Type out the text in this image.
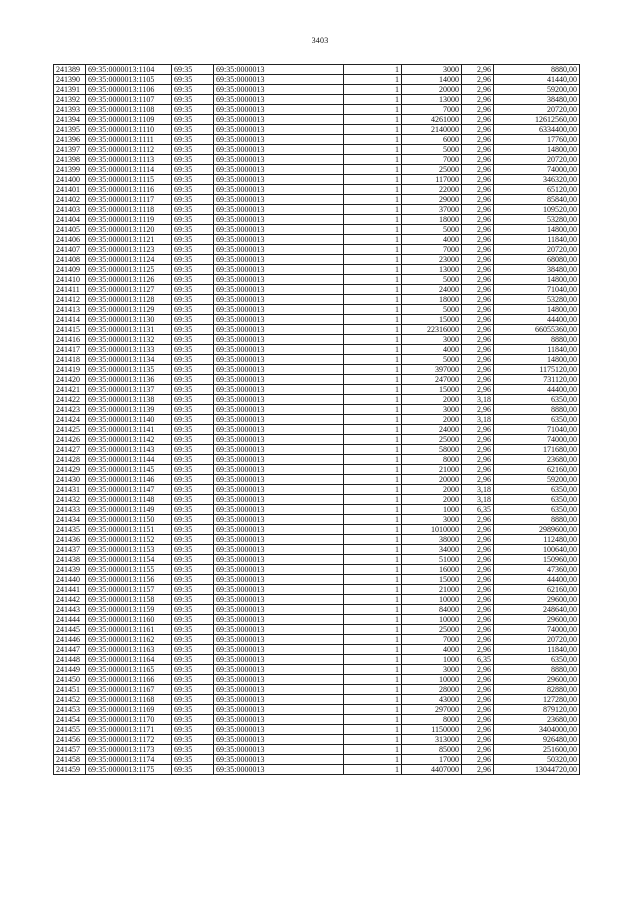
3403
241389	69:35:0000013:1104	69:35	69:35:0000013	1	3000	2,96	8880,00
241390	69:35:0000013:1105	69:35	69:35:0000013	1	14000	2,96	41440,00
241391	69:35:0000013:1106	69:35	69:35:0000013	1	20000	2,96	59200,00
241392	69:35:0000013:1107	69:35	69:35:0000013	1	13000	2,96	38480,00
241393	69:35:0000013:1108	69:35	69:35:0000013	1	7000	2,96	20720,00
241394	69:35:0000013:1109	69:35	69:35:0000013	1	4261000	2,96	12612560,00
241395	69:35:0000013:1110	69:35	69:35:0000013	1	2140000	2,96	6334400,00
241396	69:35:0000013:1111	69:35	69:35:0000013	1	6000	2,96	17760,00
241397	69:35:0000013:1112	69:35	69:35:0000013	1	5000	2,96	14800,00
241398	69:35:0000013:1113	69:35	69:35:0000013	1	7000	2,96	20720,00
241399	69:35:0000013:1114	69:35	69:35:0000013	1	25000	2,96	74000,00
241400	69:35:0000013:1115	69:35	69:35:0000013	1	117000	2,96	346320,00
241401	69:35:0000013:1116	69:35	69:35:0000013	1	22000	2,96	65120,00
241402	69:35:0000013:1117	69:35	69:35:0000013	1	29000	2,96	85840,00
241403	69:35:0000013:1118	69:35	69:35:0000013	1	37000	2,96	109520,00
241404	69:35:0000013:1119	69:35	69:35:0000013	1	18000	2,96	53280,00
241405	69:35:0000013:1120	69:35	69:35:0000013	1	5000	2,96	14800,00
241406	69:35:0000013:1121	69:35	69:35:0000013	1	4000	2,96	11840,00
241407	69:35:0000013:1123	69:35	69:35:0000013	1	7000	2,96	20720,00
241408	69:35:0000013:1124	69:35	69:35:0000013	1	23000	2,96	68080,00
241409	69:35:0000013:1125	69:35	69:35:0000013	1	13000	2,96	38480,00
241410	69:35:0000013:1126	69:35	69:35:0000013	1	5000	2,96	14800,00
241411	69:35:0000013:1127	69:35	69:35:0000013	1	24000	2,96	71040,00
241412	69:35:0000013:1128	69:35	69:35:0000013	1	18000	2,96	53280,00
241413	69:35:0000013:1129	69:35	69:35:0000013	1	5000	2,96	14800,00
241414	69:35:0000013:1130	69:35	69:35:0000013	1	15000	2,96	44400,00
241415	69:35:0000013:1131	69:35	69:35:0000013	1	22316000	2,96	66055360,00
241416	69:35:0000013:1132	69:35	69:35:0000013	1	3000	2,96	8880,00
241417	69:35:0000013:1133	69:35	69:35:0000013	1	4000	2,96	11840,00
241418	69:35:0000013:1134	69:35	69:35:0000013	1	5000	2,96	14800,00
241419	69:35:0000013:1135	69:35	69:35:0000013	1	397000	2,96	1175120,00
241420	69:35:0000013:1136	69:35	69:35:0000013	1	247000	2,96	731120,00
241421	69:35:0000013:1137	69:35	69:35:0000013	1	15000	2,96	44400,00
241422	69:35:0000013:1138	69:35	69:35:0000013	1	2000	3,18	6350,00
241423	69:35:0000013:1139	69:35	69:35:0000013	1	3000	2,96	8880,00
241424	69:35:0000013:1140	69:35	69:35:0000013	1	2000	3,18	6350,00
241425	69:35:0000013:1141	69:35	69:35:0000013	1	24000	2,96	71040,00
241426	69:35:0000013:1142	69:35	69:35:0000013	1	25000	2,96	74000,00
241427	69:35:0000013:1143	69:35	69:35:0000013	1	58000	2,96	171680,00
241428	69:35:0000013:1144	69:35	69:35:0000013	1	8000	2,96	23680,00
241429	69:35:0000013:1145	69:35	69:35:0000013	1	21000	2,96	62160,00
241430	69:35:0000013:1146	69:35	69:35:0000013	1	20000	2,96	59200,00
241431	69:35:0000013:1147	69:35	69:35:0000013	1	2000	3,18	6350,00
241432	69:35:0000013:1148	69:35	69:35:0000013	1	2000	3,18	6350,00
241433	69:35:0000013:1149	69:35	69:35:0000013	1	1000	6,35	6350,00
241434	69:35:0000013:1150	69:35	69:35:0000013	1	3000	2,96	8880,00
241435	69:35:0000013:1151	69:35	69:35:0000013	1	1010000	2,96	2989600,00
241436	69:35:0000013:1152	69:35	69:35:0000013	1	38000	2,96	112480,00
241437	69:35:0000013:1153	69:35	69:35:0000013	1	34000	2,96	100640,00
241438	69:35:0000013:1154	69:35	69:35:0000013	1	51000	2,96	150960,00
241439	69:35:0000013:1155	69:35	69:35:0000013	1	16000	2,96	47360,00
241440	69:35:0000013:1156	69:35	69:35:0000013	1	15000	2,96	44400,00
241441	69:35:0000013:1157	69:35	69:35:0000013	1	21000	2,96	62160,00
241442	69:35:0000013:1158	69:35	69:35:0000013	1	10000	2,96	29600,00
241443	69:35:0000013:1159	69:35	69:35:0000013	1	84000	2,96	248640,00
241444	69:35:0000013:1160	69:35	69:35:0000013	1	10000	2,96	29600,00
241445	69:35:0000013:1161	69:35	69:35:0000013	1	25000	2,96	74000,00
241446	69:35:0000013:1162	69:35	69:35:0000013	1	7000	2,96	20720,00
241447	69:35:0000013:1163	69:35	69:35:0000013	1	4000	2,96	11840,00
241448	69:35:0000013:1164	69:35	69:35:0000013	1	1000	6,35	6350,00
241449	69:35:0000013:1165	69:35	69:35:0000013	1	3000	2,96	8880,00
241450	69:35:0000013:1166	69:35	69:35:0000013	1	10000	2,96	29600,00
241451	69:35:0000013:1167	69:35	69:35:0000013	1	28000	2,96	82880,00
241452	69:35:0000013:1168	69:35	69:35:0000013	1	43000	2,96	127280,00
241453	69:35:0000013:1169	69:35	69:35:0000013	1	297000	2,96	879120,00
241454	69:35:0000013:1170	69:35	69:35:0000013	1	8000	2,96	23680,00
241455	69:35:0000013:1171	69:35	69:35:0000013	1	1150000	2,96	3404000,00
241456	69:35:0000013:1172	69:35	69:35:0000013	1	313000	2,96	926480,00
241457	69:35:0000013:1173	69:35	69:35:0000013	1	85000	2,96	251600,00
241458	69:35:0000013:1174	69:35	69:35:0000013	1	17000	2,96	50320,00
241459	69:35:0000013:1175	69:35	69:35:0000013	1	4407000	2,96	13044720,00
